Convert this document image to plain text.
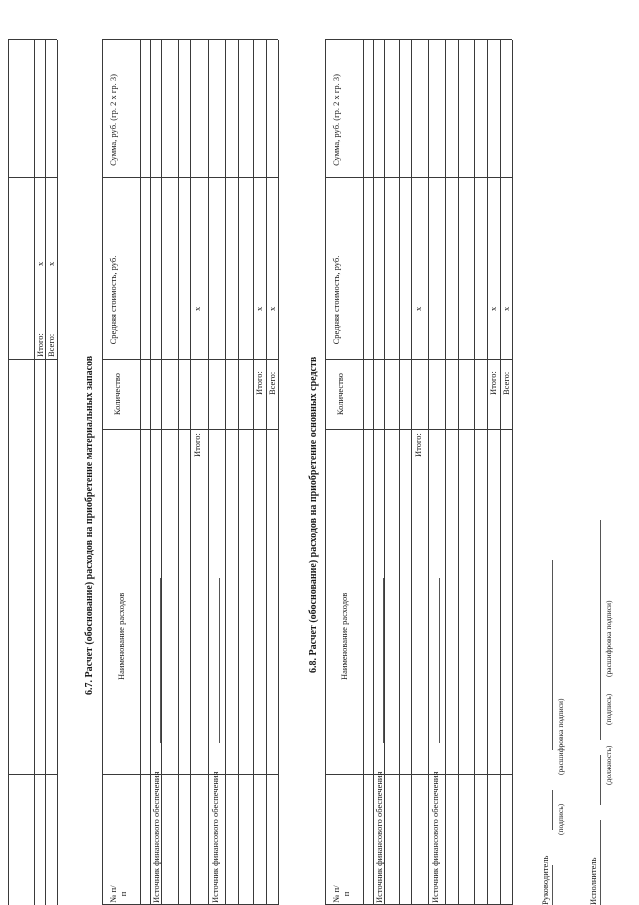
Итого: Всего:
х х
6.7. Расчет (обоснование) расходов на приобретение материальных запасов
№ п/п
Наименование расходов
Количество
Средняя стоимость, руб.
Сумма, руб. (гр. 2 х гр. 3)
Источник финансового обеспечения
Итого:
х
Источник финансового обеспечения
Итого: Всего:
х х
6.8. Расчет (обоснование) расходов на приобретение основных средств
№ п/п
Наименование расходов
Количество
Средняя стоимость, руб.
Сумма, руб. (гр. 2 х гр. 3)
Источник финансового обеспечения
Итого:
х
Источник финансового обеспечения
Итого: Всего:
х х
Руководитель
(подпись)
(расшифровка подписи)
Исполнитель
(должность)
(подпись)
(расшифровка подписи)
